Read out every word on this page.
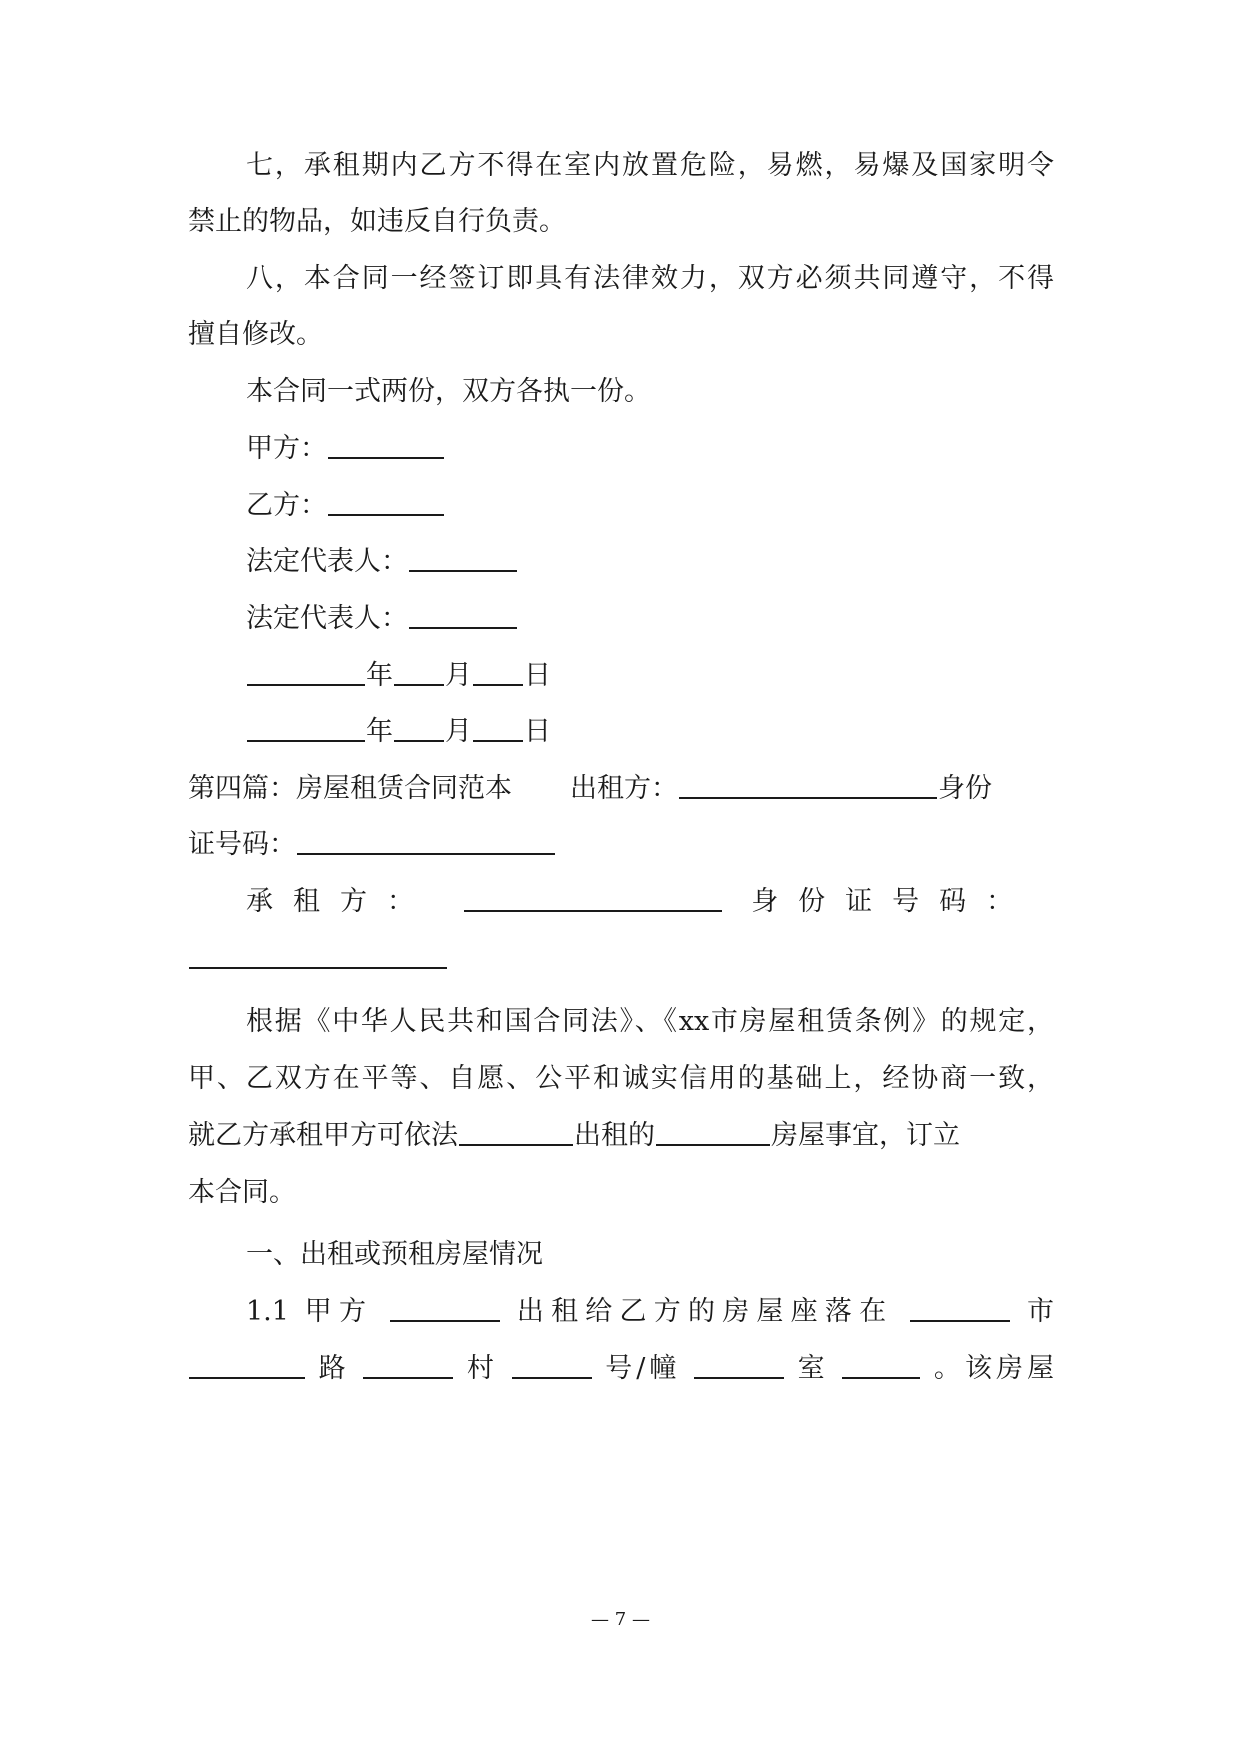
七，承租期内乙方不得在室内放置危险，易燃，易爆及国家明令
禁止的物品，如违反自行负责。
八，本合同一经签订即具有法律效力，双方必须共同遵守，不得
擅自修改。
本合同一式两份，双方各执一份。
甲方：
乙方：
法定代表人：
法定代表人：
年 月 日
年 月 日
第四篇：房屋租赁合同范本 出租方：	身份
证号码：
承租方：	身份证号码：
根据《中华人民共和国合同法》、《xx市房屋租赁条例》的规定，
甲、乙双方在平等、自愿、公平和诚实信用的基础上，经协商一致，
就乙方承租甲方可依法	出租的	房屋事宜，订立
本合同。
一、出租或预租房屋情况
1.1 甲方	出租给乙方的房屋座落在	市
路	村	号/幢	室	。该房屋
— 7 —
